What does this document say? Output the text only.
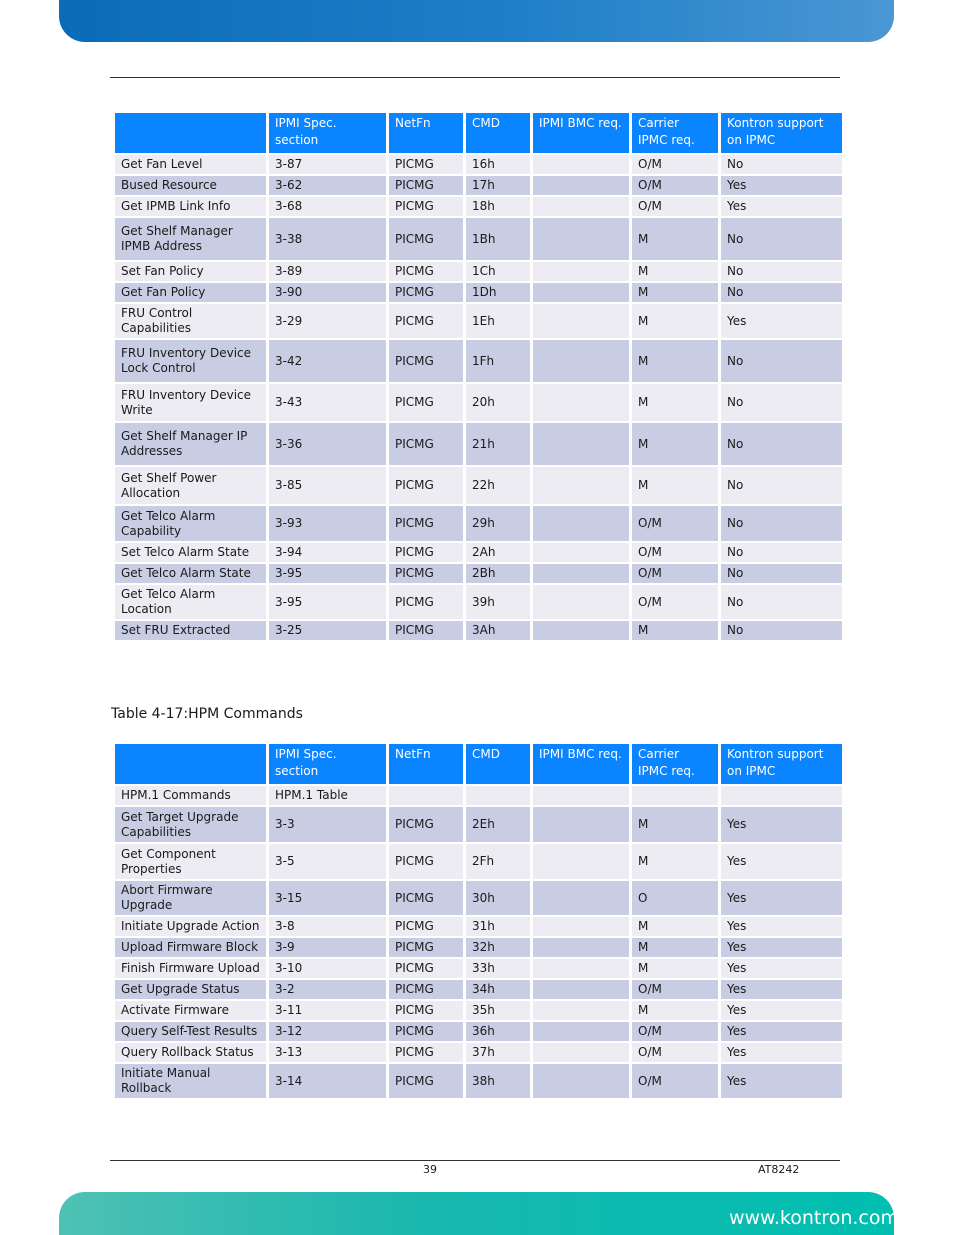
	IPMI Spec. section	NetFn	CMD	IPMI BMC req.	Carrier IPMC req.	Kontron support on IPMC
Get Fan Level	3-87	PICMG	16h		O/M	No
Bused Resource	3-62	PICMG	17h		O/M	Yes
Get IPMB Link Info	3-68	PICMG	18h		O/M	Yes
Get Shelf Manager IPMB Address	3-38	PICMG	1Bh		M	No
Set Fan Policy	3-89	PICMG	1Ch		M	No
Get Fan Policy	3-90	PICMG	1Dh		M	No
FRU Control Capabilities	3-29	PICMG	1Eh		M	Yes
FRU Inventory Device Lock Control	3-42	PICMG	1Fh		M	No
FRU Inventory Device Write	3-43	PICMG	20h		M	No
Get Shelf Manager IP Addresses	3-36	PICMG	21h		M	No
Get Shelf Power Allocation	3-85	PICMG	22h		M	No
Get Telco Alarm Capability	3-93	PICMG	29h		O/M	No
Set Telco Alarm State	3-94	PICMG	2Ah		O/M	No
Get Telco Alarm State	3-95	PICMG	2Bh		O/M	No
Get Telco Alarm Location	3-95	PICMG	39h		O/M	No
Set FRU Extracted	3-25	PICMG	3Ah		M	No
Table 4-17:HPM Commands
	IPMI Spec. section	NetFn	CMD	IPMI BMC req.	Carrier IPMC req.	Kontron support on IPMC
HPM.1 Commands	HPM.1 Table					
Get Target Upgrade Capabilities	3-3	PICMG	2Eh		M	Yes
Get Component Properties	3-5	PICMG	2Fh		M	Yes
Abort Firmware Upgrade	3-15	PICMG	30h		O	Yes
Initiate Upgrade Action	3-8	PICMG	31h		M	Yes
Upload Firmware Block	3-9	PICMG	32h		M	Yes
Finish Firmware Upload	3-10	PICMG	33h		M	Yes
Get Upgrade Status	3-2	PICMG	34h		O/M	Yes
Activate Firmware	3-11	PICMG	35h		M	Yes
Query Self-Test Results	3-12	PICMG	36h		O/M	Yes
Query Rollback Status	3-13	PICMG	37h		O/M	Yes
Initiate Manual Rollback	3-14	PICMG	38h		O/M	Yes
39	AT8242
www.kontron.com
